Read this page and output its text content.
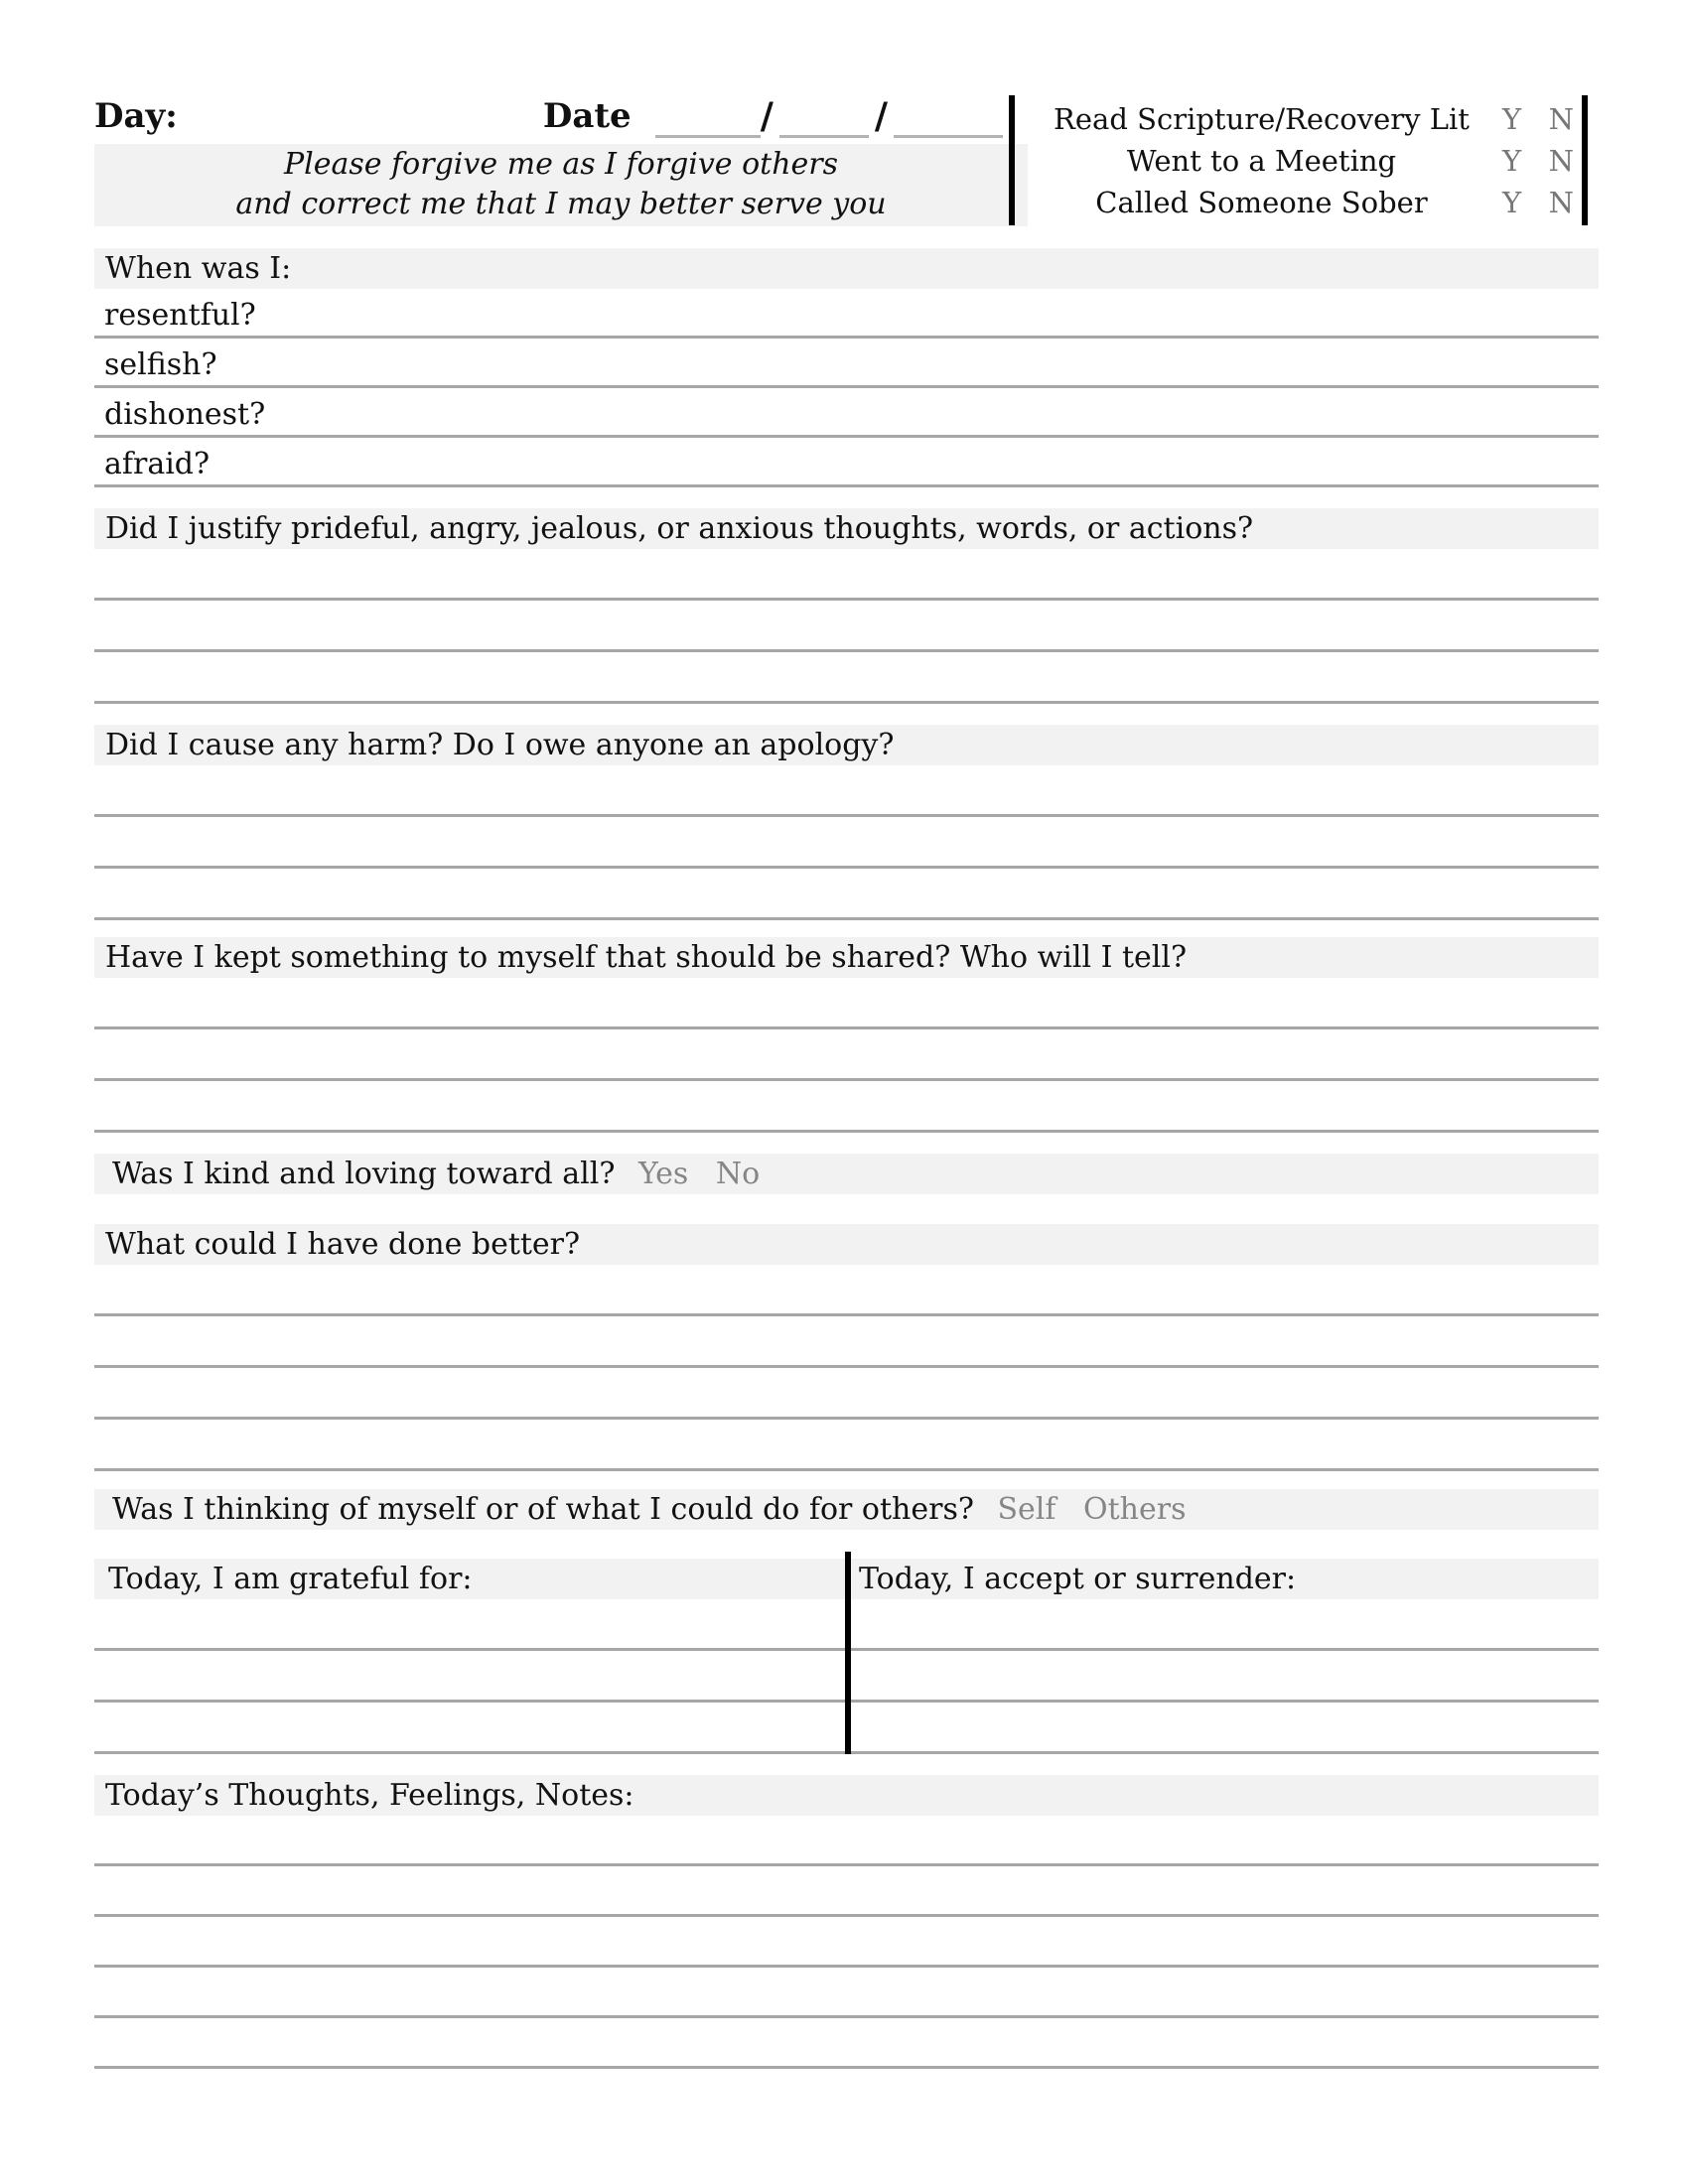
Day:	Date	/	/
Please forgive me as I forgive others
and correct me that I may better serve you
Read Scripture/Recovery Lit	Y N
Went to a Meeting	Y N
Called Someone Sober	Y N
When was I:
resentful?
selfish?
dishonest?
afraid?
Did I justify prideful, angry, jealous, or anxious thoughts, words, or actions?
Did I cause any harm? Do I owe anyone an apology?
Have I kept something to myself that should be shared? Who will I tell?
Was I kind and loving toward all? Yes No
What could I have done better?
Was I thinking of myself or of what I could do for others? Self Others
Today, I am grateful for:	Today, I accept or surrender:
Today’s Thoughts, Feelings, Notes:
